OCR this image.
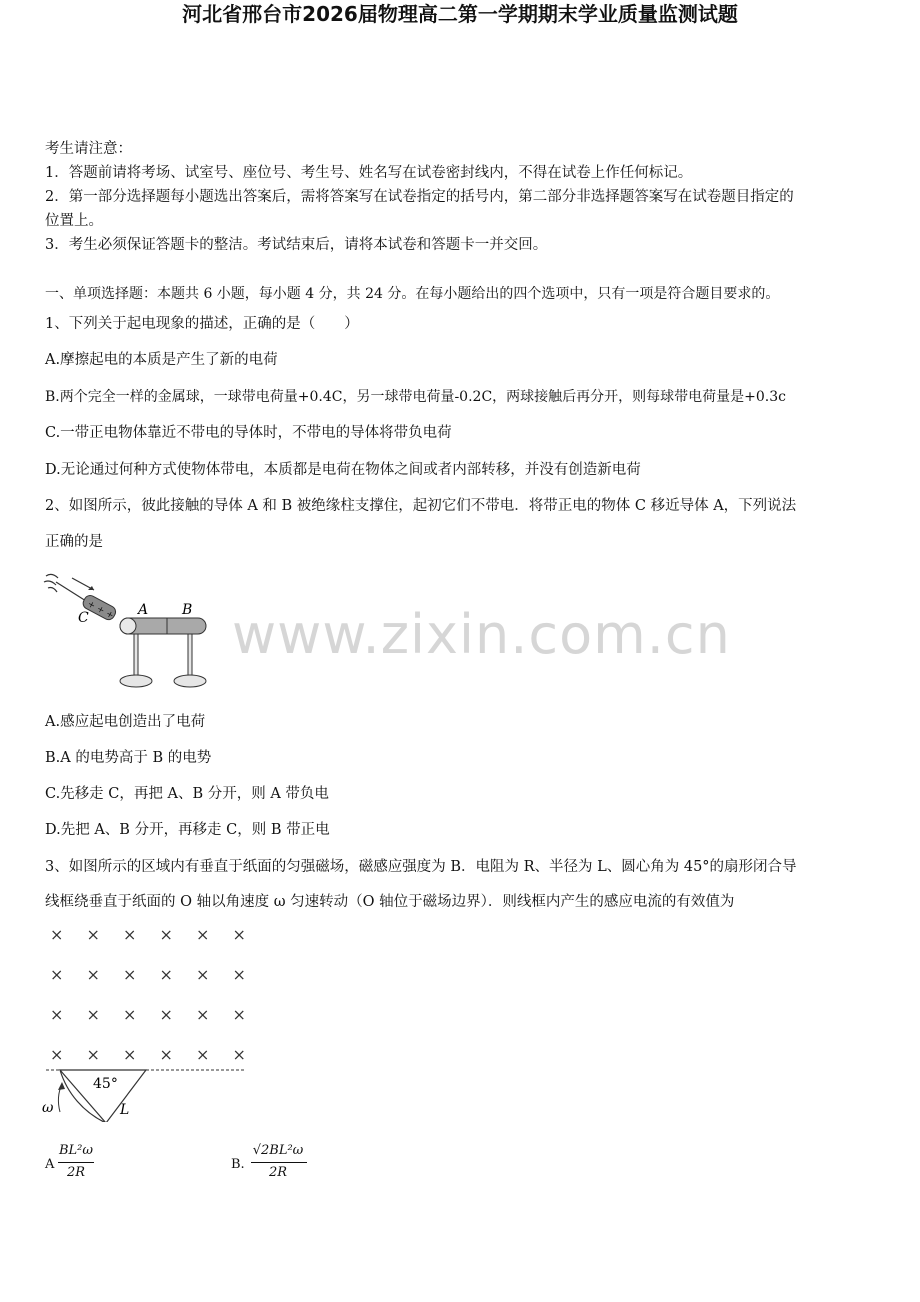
河北省邢台市2026届物理高二第一学期期末学业质量监测试题
考生请注意：
1．答题前请将考场、试室号、座位号、考生号、姓名写在试卷密封线内，不得在试卷上作任何标记。
2．第一部分选择题每小题选出答案后，需将答案写在试卷指定的括号内，第二部分非选择题答案写在试卷题目指定的
位置上。
3．考生必须保证答题卡的整洁。考试结束后，请将本试卷和答题卡一并交回。
一、单项选择题：本题共 6 小题，每小题 4 分，共 24 分。在每小题给出的四个选项中，只有一项是符合题目要求的。
1、下列关于起电现象的描述，正确的是（　　）
A.摩擦起电的本质是产生了新的电荷
B.两个完全一样的金属球，一球带电荷量+0.4C，另一球带电荷量-0.2C，两球接触后再分开，则每球带电荷量是+0.3c
C.一带正电物体靠近不带电的导体时，不带电的导体将带负电荷
D.无论通过何种方式使物体带电，本质都是电荷在物体之间或者内部转移，并没有创造新电荷
2、如图所示，彼此接触的导体 A 和 B 被绝缘柱支撑住，起初它们不带电．将带正电的物体 C 移近导体 A，下列说法
正确的是
+ + +
C	A B www.zixin.com.cn
A.感应起电创造出了电荷
B.A 的电势高于 B 的电势
C.先移走 C，再把 A、B 分开，则 A 带负电
D.先把 A、B 分开，再移走 C，则 B 带正电
3、如图所示的区域内有垂直于纸面的匀强磁场，磁感应强度为 B．电阻为 R、半径为 L、圆心角为 45°的扇形闭合导
线框绕垂直于纸面的 O 轴以角速度 ω 匀速转动（O 轴位于磁场边界）．则线框内产生的感应电流的有效值为
× × × × × ×
× × × × × ×
× × × × × ×
× × × × × ×
45°
L
ω
A
BL²ω
2R
B.
√2BL²ω
2R
